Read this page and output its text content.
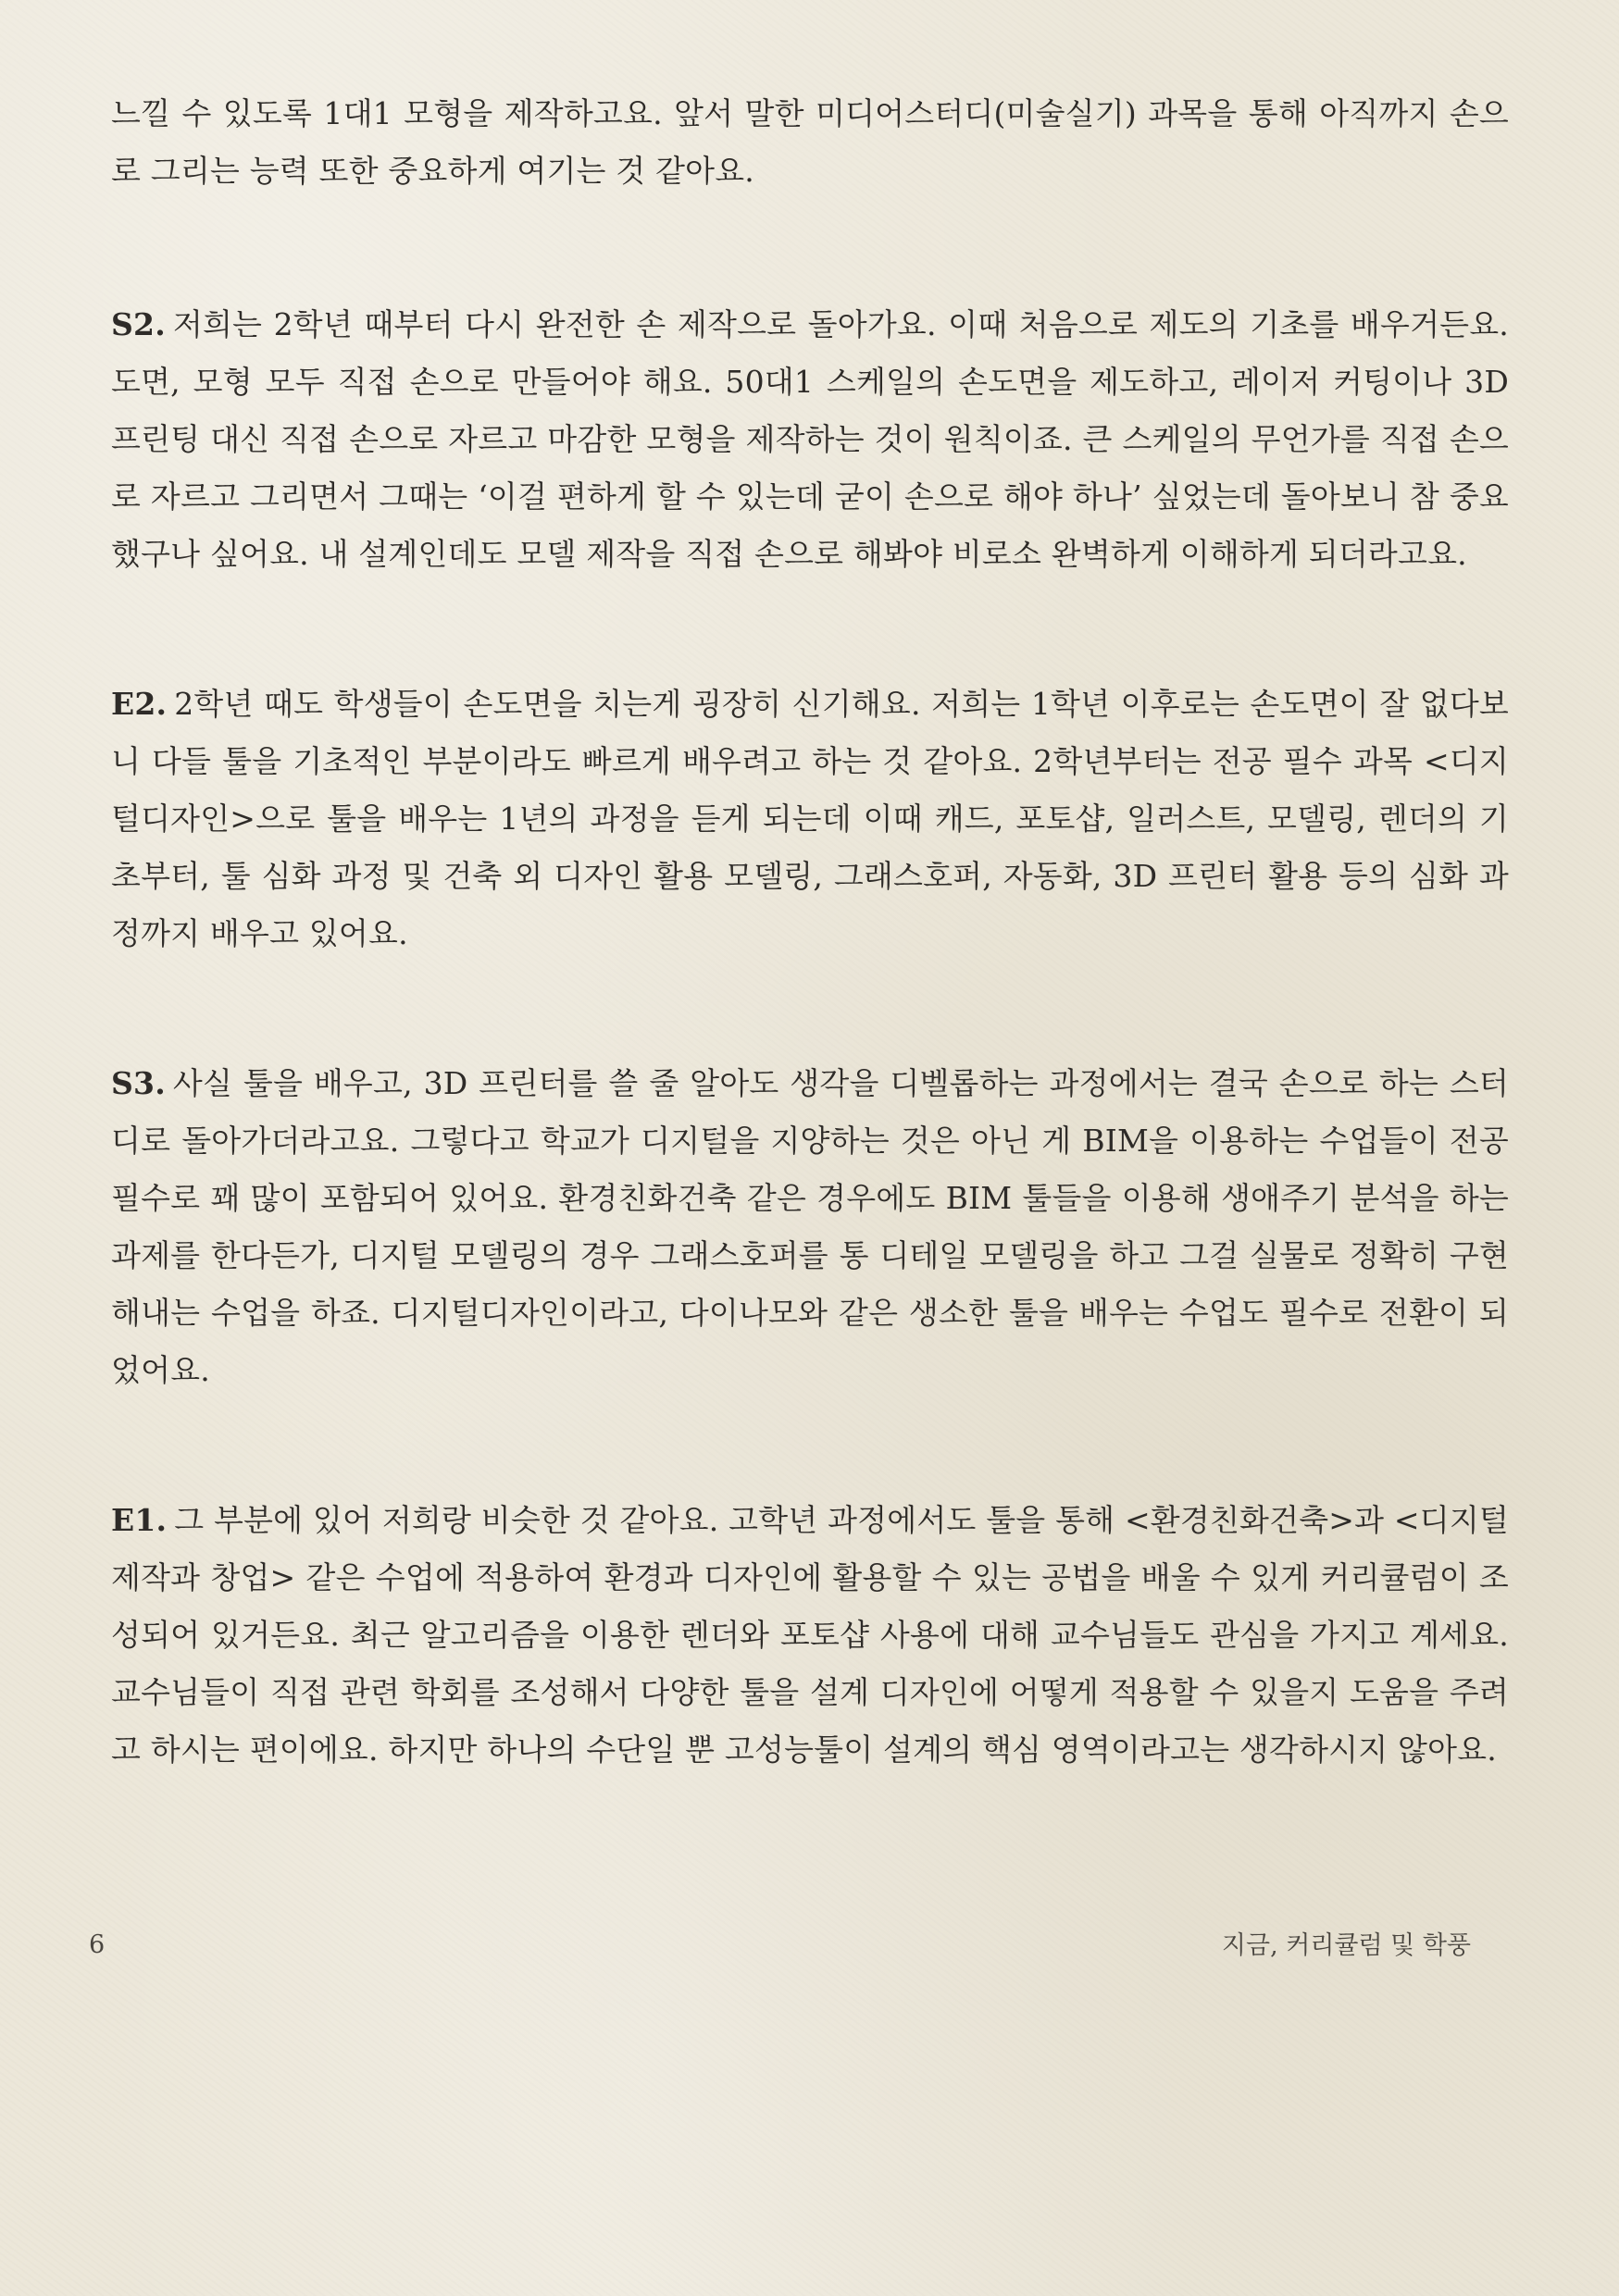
느낄 수 있도록 1대1 모형을 제작하고요. 앞서 말한 미디어스터디(미술실기) 과목을 통해 아직까지 손으로 그리는 능력 또한 중요하게 여기는 것 같아요.

S2. 저희는 2학년 때부터 다시 완전한 손 제작으로 돌아가요. 이때 처음으로 제도의 기초를 배우거든요. 도면, 모형 모두 직접 손으로 만들어야 해요. 50대1 스케일의 손도면을 제도하고, 레이저 커팅이나 3D 프린팅 대신 직접 손으로 자르고 마감한 모형을 제작하는 것이 원칙이죠. 큰 스케일의 무언가를 직접 손으로 자르고 그리면서 그때는 ‘이걸 편하게 할 수 있는데 굳이 손으로 해야 하나’ 싶었는데 돌아보니 참 중요했구나 싶어요. 내 설계인데도 모델 제작을 직접 손으로 해봐야 비로소 완벽하게 이해하게 되더라고요.

E2. 2학년 때도 학생들이 손도면을 치는게 굉장히 신기해요. 저희는 1학년 이후로는 손도면이 잘 없다보니 다들 툴을 기초적인 부분이라도 빠르게 배우려고 하는 것 같아요. 2학년부터는 전공 필수 과목 <디지털디자인>으로 툴을 배우는 1년의 과정을 듣게 되는데 이때 캐드, 포토샵, 일러스트, 모델링, 렌더의 기초부터, 툴 심화 과정 및 건축 외 디자인 활용 모델링, 그래스호퍼, 자동화, 3D 프린터 활용 등의 심화 과정까지 배우고 있어요.

S3. 사실 툴을 배우고, 3D 프린터를 쓸 줄 알아도 생각을 디벨롭하는 과정에서는 결국 손으로 하는 스터디로 돌아가더라고요. 그렇다고 학교가 디지털을 지양하는 것은 아닌 게 BIM을 이용하는 수업들이 전공 필수로 꽤 많이 포함되어 있어요. 환경친화건축 같은 경우에도 BIM 툴들을 이용해 생애주기 분석을 하는 과제를 한다든가, 디지털 모델링의 경우 그래스호퍼를 통 디테일 모델링을 하고 그걸 실물로 정확히 구현해내는 수업을 하죠. 디지털디자인이라고, 다이나모와 같은 생소한 툴을 배우는 수업도 필수로 전환이 되었어요.

E1. 그 부분에 있어 저희랑 비슷한 것 같아요. 고학년 과정에서도 툴을 통해 <환경친화건축>과 <디지털 제작과 창업> 같은 수업에 적용하여 환경과 디자인에 활용할 수 있는 공법을 배울 수 있게 커리큘럼이 조성되어 있거든요. 최근 알고리즘을 이용한 렌더와 포토샵 사용에 대해 교수님들도 관심을 가지고 계세요. 교수님들이 직접 관련 학회를 조성해서 다양한 툴을 설계 디자인에 어떻게 적용할 수 있을지 도움을 주려고 하시는 편이에요. 하지만 하나의 수단일 뿐 고성능툴이 설계의 핵심 영역이라고는 생각하시지 않아요.

6	지금, 커리큘럼 및 학풍
